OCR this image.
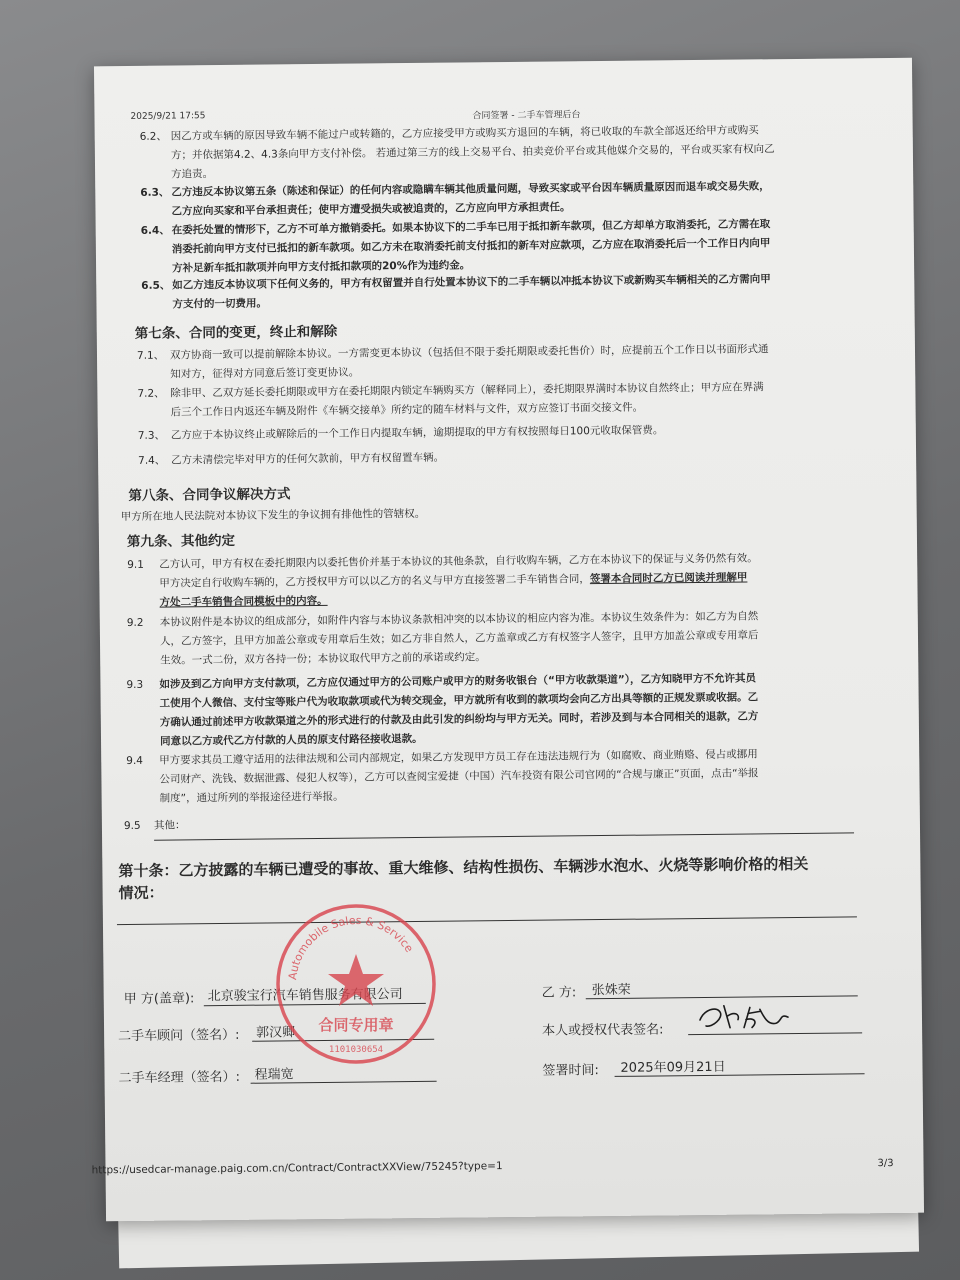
2025/9/21 17:55	合同签署 - 二手车管理后台
6.2、 因乙方或车辆的原因导致车辆不能过户或转籍的，乙方应接受甲方或购买方退回的车辆，将已收取的车款全部返还给甲方或购买
方；并依据第4.2、4.3条向甲方支付补偿。 若通过第三方的线上交易平台、拍卖竞价平台或其他媒介交易的，平台或买家有权向乙
方追责。
6.3、 乙方违反本协议第五条（陈述和保证）的任何内容或隐瞒车辆其他质量问题，导致买家或平台因车辆质量原因而退车或交易失败，
乙方应向买家和平台承担责任；使甲方遭受损失或被追责的，乙方应向甲方承担责任。
6.4、 在委托处置的情形下，乙方不可单方撤销委托。如果本协议下的二手车已用于抵扣新车款项，但乙方却单方取消委托，乙方需在取
消委托前向甲方支付已抵扣的新车款项。如乙方未在取消委托前支付抵扣的新车对应款项，乙方应在取消委托后一个工作日内向甲
方补足新车抵扣款项并向甲方支付抵扣款项的20%作为违约金。
6.5、 如乙方违反本协议项下任何义务的，甲方有权留置并自行处置本协议下的二手车辆以冲抵本协议下或新购买车辆相关的乙方需向甲
方支付的一切费用。
第七条、合同的变更，终止和解除
7.1、 双方协商一致可以提前解除本协议。一方需变更本协议（包括但不限于委托期限或委托售价）时，应提前五个工作日以书面形式通
知对方，征得对方同意后签订变更协议。
7.2、 除非甲、乙双方延长委托期限或甲方在委托期限内锁定车辆购买方（解释同上），委托期限界满时本协议自然终止；甲方应在界满
后三个工作日内返还车辆及附件《车辆交接单》所约定的随车材料与文件，双方应签订书面交接文件。
7.3、 乙方应于本协议终止或解除后的一个工作日内提取车辆，逾期提取的甲方有权按照每日100元收取保管费。
7.4、 乙方未清偿完毕对甲方的任何欠款前，甲方有权留置车辆。
第八条、合同争议解决方式
甲方所在地人民法院对本协议下发生的争议拥有排他性的管辖权。
第九条、其他约定
9.1 乙方认可，甲方有权在委托期限内以委托售价并基于本协议的其他条款，自行收购车辆，乙方在本协议下的保证与义务仍然有效。
甲方决定自行收购车辆的，乙方授权甲方可以以乙方的名义与甲方直接签署二手车销售合同，签署本合同时乙方已阅读并理解甲
方处二手车销售合同模板中的内容。
9.2 本协议附件是本协议的组成部分，如附件内容与本协议条款相冲突的以本协议的相应内容为准。本协议生效条件为：如乙方为自然
人，乙方签字，且甲方加盖公章或专用章后生效；如乙方非自然人，乙方盖章或乙方有权签字人签字，且甲方加盖公章或专用章后
生效。一式二份，双方各持一份；本协议取代甲方之前的承诺或约定。
9.3 如涉及到乙方向甲方支付款项，乙方应仅通过甲方的公司账户或甲方的财务收银台（“甲方收款渠道”），乙方知晓甲方不允许其员
工使用个人微信、支付宝等账户代为收取款项或代为转交现金，甲方就所有收到的款项均会向乙方出具等额的正规发票或收据。乙
方确认通过前述甲方收款渠道之外的形式进行的付款及由此引发的纠纷均与甲方无关。同时，若涉及到与本合同相关的退款，乙方
同意以乙方或代乙方付款的人员的原支付路径接收退款。
9.4 甲方要求其员工遵守适用的法律法规和公司内部规定，如果乙方发现甲方员工存在违法违规行为（如腐败、商业贿赂、侵占或挪用
公司财产、洗钱、数据泄露、侵犯人权等），乙方可以查阅宝爱捷（中国）汽车投资有限公司官网的“合规与廉正”页面，点击“举报
制度”，通过所列的举报途径进行举报。
9.5 其他：
第十条：乙方披露的车辆已遭受的事故、重大维修、结构性损伤、车辆涉水泡水、火烧等影响价格的相关
情况：
甲 方(盖章): 北京骏宝行汽车销售服务有限公司
二手车顾问（签名）: 郭汉卿
二手车经理（签名）: 程瑞宽
乙 方: 张姝荣
本人或授权代表签名:
签署时间: 2025年09月21日
https://usedcar-manage.paig.com.cn/Contract/ContractXXView/75245?type=1	3/3
Automobile Sales & Service
合同专用章
1101030654
